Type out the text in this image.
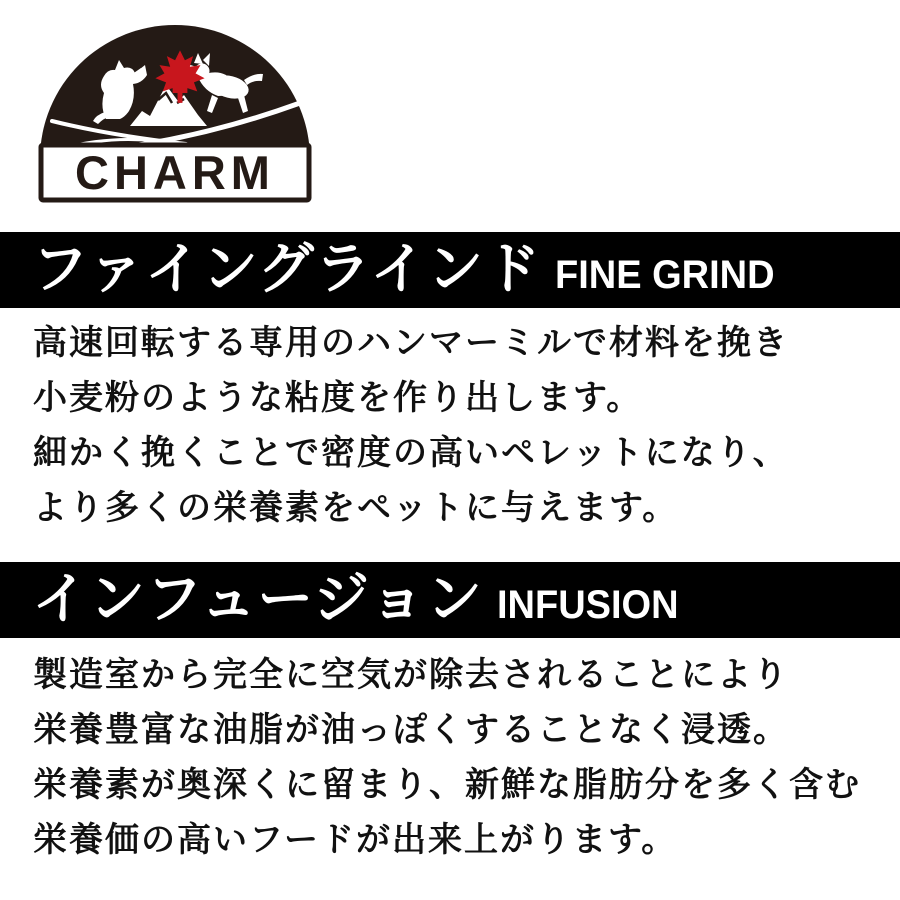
CHARM
ファイングラインド FINE GRIND
高速回転する専用のハンマーミルで材料を挽き
小麦粉のような粘度を作り出します。
細かく挽くことで密度の高いペレットになり、
より多くの栄養素をペットに与えます。
インフュージョン INFUSION
製造室から完全に空気が除去されることにより
栄養豊富な油脂が油っぽくすることなく浸透。
栄養素が奥深くに留まり、新鮮な脂肪分を多く含む
栄養価の高いフードが出来上がります。
